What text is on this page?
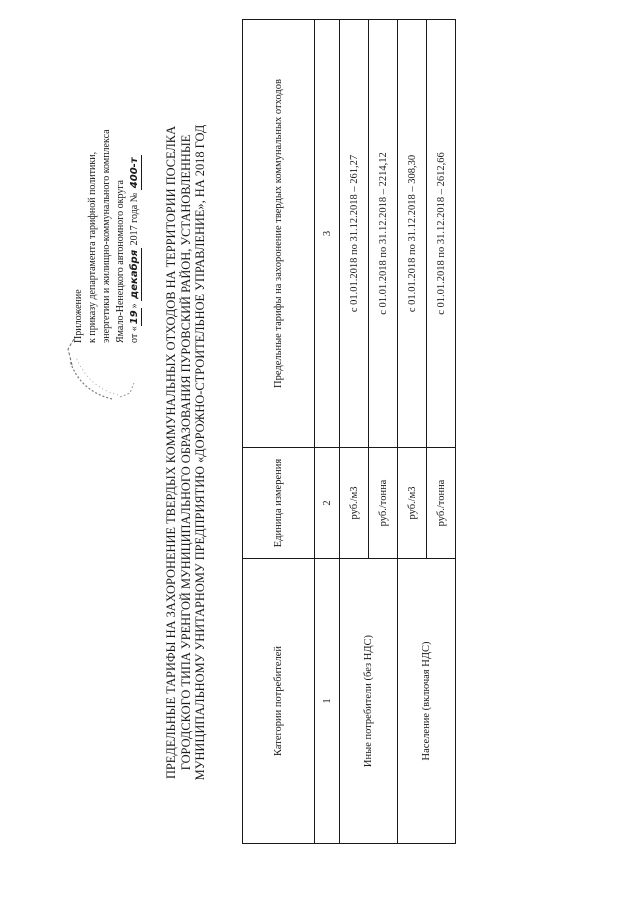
Приложение к приказу департамента тарифной политики, энергетики и жилищно-коммунального комплекса Ямало-Ненецкого автономного округа от «19» декабря 2017 года № 400-т ПРЕДЕЛЬНЫЕ ТАРИФЫ НА ЗАХОРОНЕНИЕ ТВЕРДЫХ КОММУНАЛЬНЫХ ОТХОДОВ НА ТЕРРИТОРИИ ПОСЕЛКА ГОРОДСКОГО ТИПА УРЕНГОЙ МУНИЦИПАЛЬНОГО ОБРАЗОВАНИЯ ПУРОВСКИЙ РАЙОН, УСТАНОВЛЕННЫЕ МУНИЦИПАЛЬНОМУ УНИТАРНОМУ ПРЕДПРИЯТИЮ «ДОРОЖНО-СТРОИТЕЛЬНОЕ УПРАВЛЕНИЕ», НА 2018 ГОД	Категории потребителей	Единица измерения	Предельные тарифы на захоронение твердых коммунальных отходов
1	2	3
Иные потребители (без НДС)	руб./м3	с 01.01.2018 по 31.12.2018 – 261,27
	руб./тонна	с 01.01.2018 по 31.12.2018 – 2214,12
Население (включая НДС)	руб./м3	с 01.01.2018 по 31.12.2018 – 308,30
	руб./тонна	с 01.01.2018 по 31.12.2018 – 2612,66
